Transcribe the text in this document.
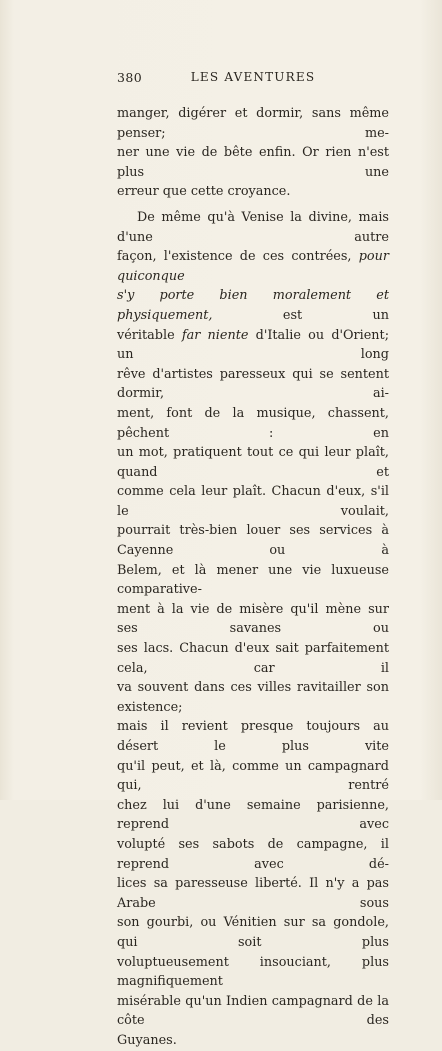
380	LES AVENTURES

manger, digérer et dormir, sans même penser; me-
ner une vie de bête enfin. Or rien n'est plus une
erreur que cette croyance.

De même qu'à Venise la divine, mais d'une autre
façon, l'existence de ces contrées, pour quiconque
s'y porte bien moralement et physiquement, est un
véritable far niente d'Italie ou d'Orient; un long
rêve d'artistes paresseux qui se sentent dormir, ai-
ment, font de la musique, chassent, pêchent : en
un mot, pratiquent tout ce qui leur plaît, quand et
comme cela leur plaît. Chacun d'eux, s'il le voulait,
pourrait très-bien louer ses services à Cayenne ou à
Belem, et là mener une vie luxueuse comparative-
ment à la vie de misère qu'il mène sur ses savanes ou
ses lacs. Chacun d'eux sait parfaitement cela, car il
va souvent dans ces villes ravitailler son existence;
mais il revient presque toujours au désert le plus vite
qu'il peut, et là, comme un campagnard qui, rentré
chez lui d'une semaine parisienne, reprend avec
volupté ses sabots de campagne, il reprend avec dé-
lices sa paresseuse liberté. Il n'y a pas Arabe sous
son gourbi, ou Vénitien sur sa gondole, qui soit plus
voluptueusement insouciant, plus magnifiquement
misérable qu'un Indien campagnard de la côte des
Guyanes.
